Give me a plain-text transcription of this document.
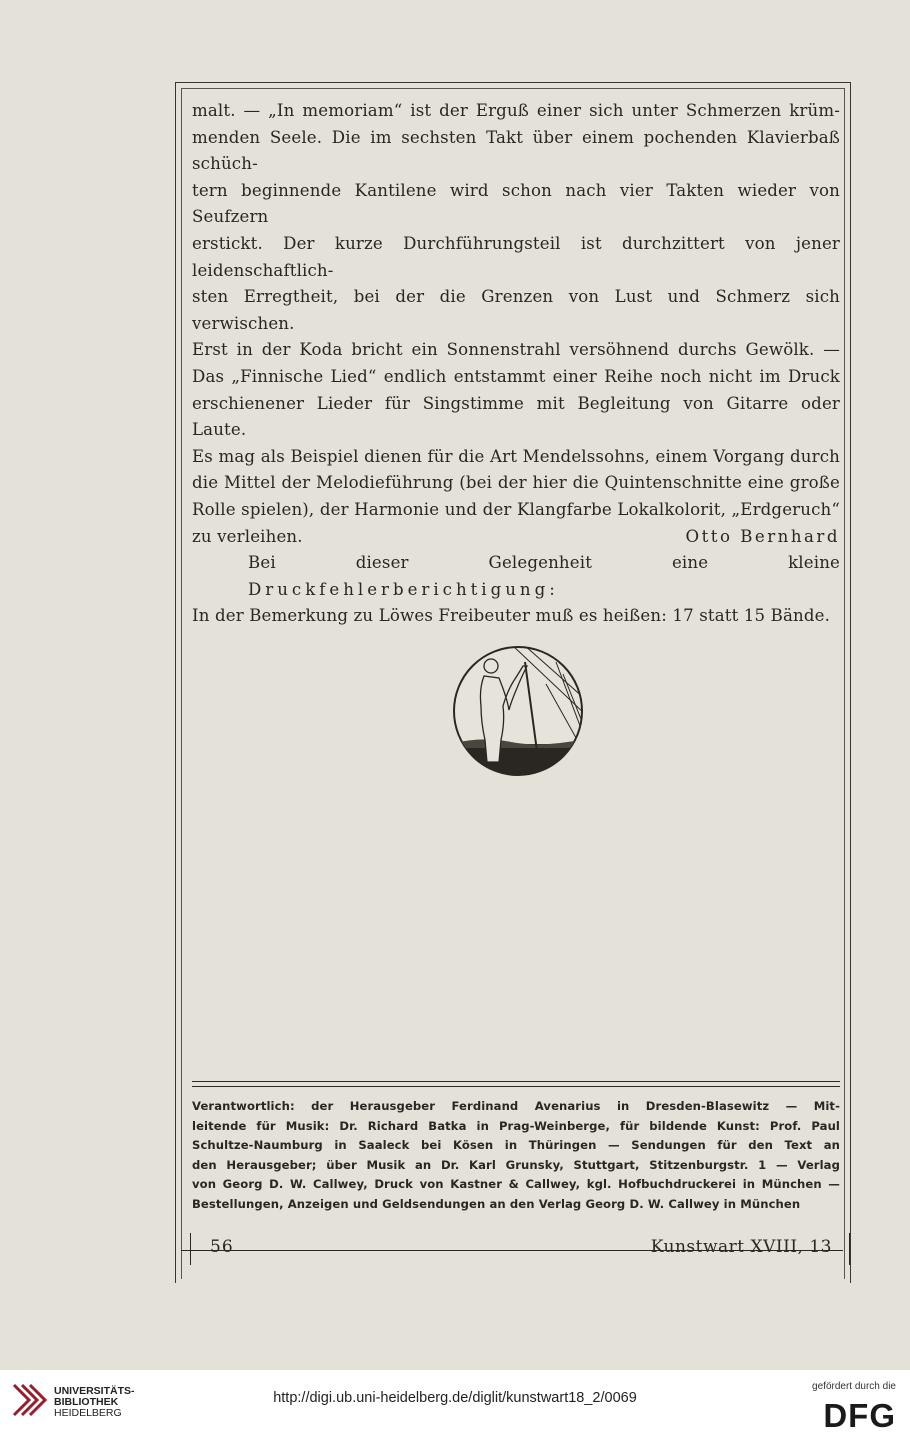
malt. — „In memoriam“ ist der Erguß einer sich unter Schmerzen krüm-

menden Seele. Die im sechsten Takt über einem pochenden Klavierbaß schüch-

tern beginnende Kantilene wird schon nach vier Takten wieder von Seufzern

erstickt. Der kurze Durchführungsteil ist durchzittert von jener leidenschaftlich-

sten Erregtheit, bei der die Grenzen von Lust und Schmerz sich verwischen.

Erst in der Koda bricht ein Sonnenstrahl versöhnend durchs Gewölk. —

Das „Finnische Lied“ endlich entstammt einer Reihe noch nicht im Druck

erschienener Lieder für Singstimme mit Begleitung von Gitarre oder Laute.

Es mag als Beispiel dienen für die Art Mendelssohns, einem Vorgang durch

die Mittel der Melodieführung (bei der hier die Quintenschnitte eine große

Rolle spielen), der Harmonie und der Klangfarbe Lokalkolorit, „Erdgeruch“

zu verleihen.	Otto Bernhard

Bei dieser Gelegenheit eine kleine Druckfehlerberichtigung:

In der Bemerkung zu Löwes Freibeuter muß es heißen: 17 statt 15 Bände.

Verantwortlich: der Herausgeber Ferdinand Avenarius in Dresden-Blasewitz — Mit-

leitende für Musik: Dr. Richard Batka in Prag-Weinberge, für bildende Kunst: Prof. Paul

Schultze-Naumburg in Saaleck bei Kösen in Thüringen — Sendungen für den Text an

den Herausgeber; über Musik an Dr. Karl Grunsky, Stuttgart, Stitzenburgstr. 1 — Verlag

von Georg D. W. Callwey, Druck von Kastner & Callwey, kgl. Hofbuchdruckerei in München —

Bestellungen, Anzeigen und Geldsendungen an den Verlag Georg D. W. Callwey in München

56	Kunstwart XVIII, 13
UNIVERSITÄTS-
BIBLIOTHEK
HEIDELBERG
http://digi.ub.uni-heidelberg.de/diglit/kunstwart18_2/0069
gefördert durch die
DFG
